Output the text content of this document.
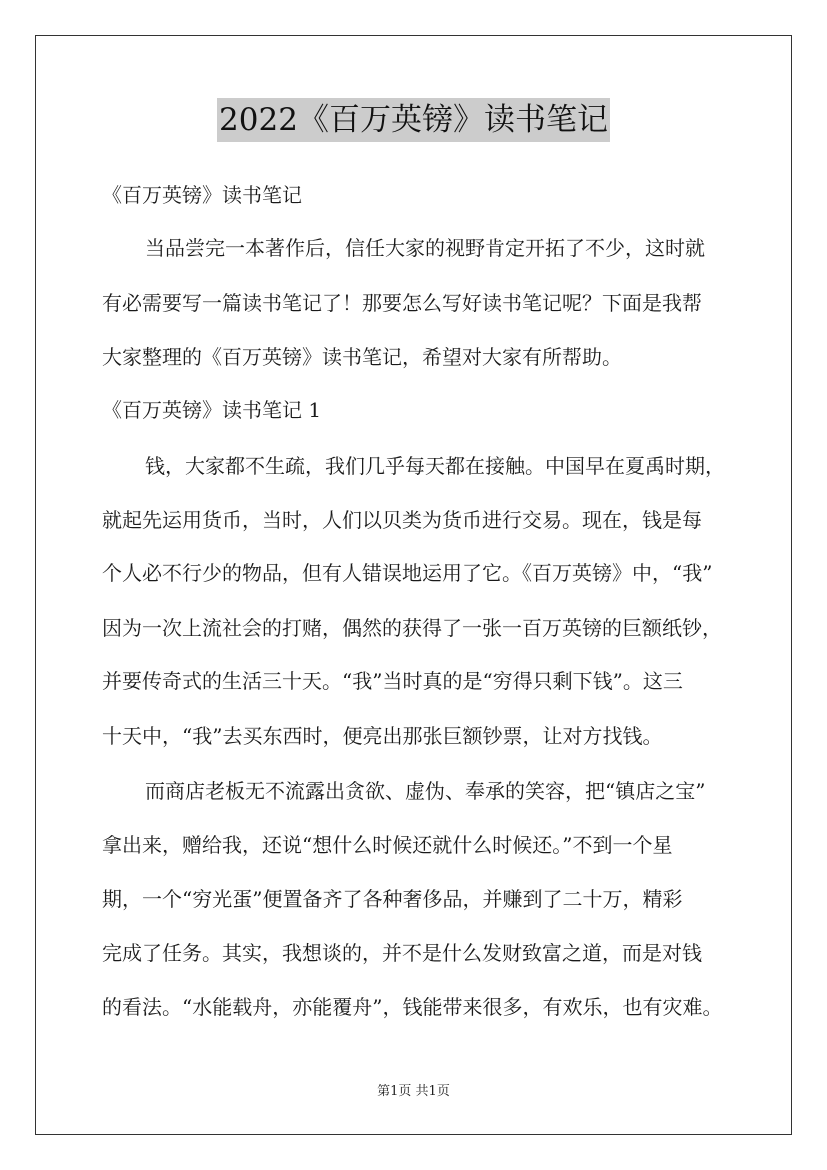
2022《百万英镑》读书笔记
《百万英镑》读书笔记
当品尝完一本著作后，信任大家的视野肯定开拓了不少，这时就
有必需要写一篇读书笔记了！那要怎么写好读书笔记呢？下面是我帮
大家整理的《百万英镑》读书笔记，希望对大家有所帮助。
《百万英镑》读书笔记 1
钱，大家都不生疏，我们几乎每天都在接触。中国早在夏禹时期，
就起先运用货币，当时，人们以贝类为货币进行交易。现在，钱是每
个人必不行少的物品，但有人错误地运用了它。《百万英镑》中，“我”
因为一次上流社会的打赌，偶然的获得了一张一百万英镑的巨额纸钞，
并要传奇式的生活三十天。“我”当时真的是“穷得只剩下钱”。这三
十天中，“我”去买东西时，便亮出那张巨额钞票，让对方找钱。
而商店老板无不流露出贪欲、虚伪、奉承的笑容，把“镇店之宝”
拿出来，赠给我，还说“想什么时候还就什么时候还。”不到一个星
期，一个“穷光蛋”便置备齐了各种奢侈品，并赚到了二十万，精彩
完成了任务。其实，我想谈的，并不是什么发财致富之道，而是对钱
的看法。“水能载舟，亦能覆舟”，钱能带来很多，有欢乐，也有灾难。
第1页 共1页
